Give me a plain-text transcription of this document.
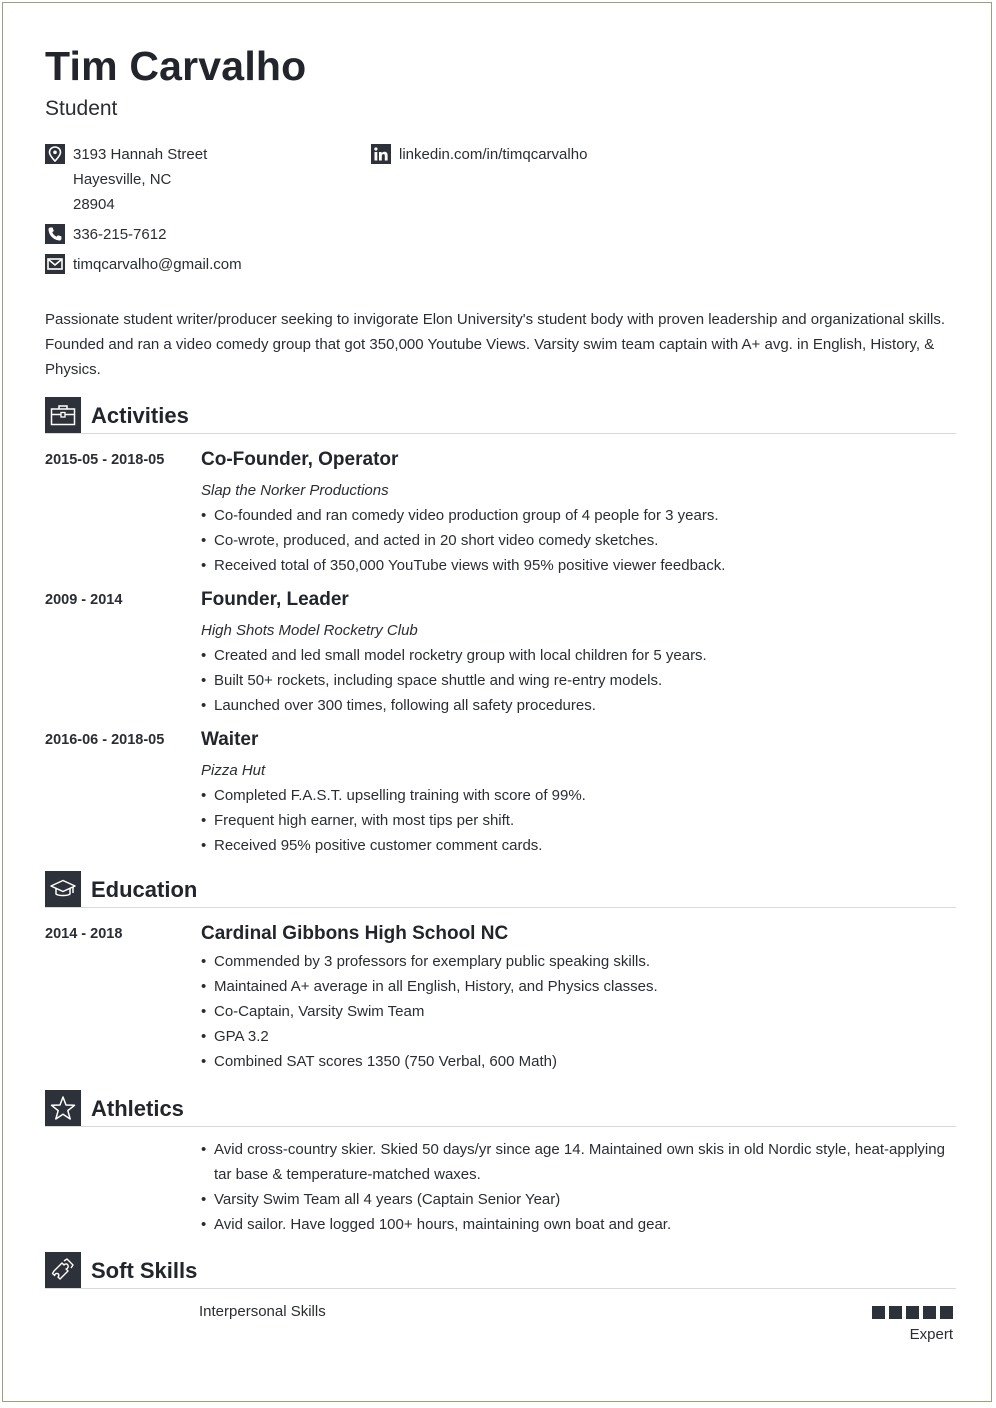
Tim Carvalho
Student
3193 Hannah Street
Hayesville, NC
28904
linkedin.com/in/timqcarvalho
336-215-7612
timqcarvalho@gmail.com
Passionate student writer/producer seeking to invigorate Elon University's student body with proven leadership and organizational skills. Founded and ran a video comedy group that got 350,000 Youtube Views. Varsity swim team captain with A+ avg. in English, History, & Physics.
Activities
2015-05 - 2018-05 Co-Founder, Operator
Slap the Norker Productions
• Co-founded and ran comedy video production group of 4 people for 3 years.
• Co-wrote, produced, and acted in 20 short video comedy sketches.
• Received total of 350,000 YouTube views with 95% positive viewer feedback.
2009 - 2014	Founder, Leader
High Shots Model Rocketry Club
• Created and led small model rocketry group with local children for 5 years.
• Built 50+ rockets, including space shuttle and wing re-entry models.
• Launched over 300 times, following all safety procedures.
2016-06 - 2018-05 Waiter
Pizza Hut
• Completed F.A.S.T. upselling training with score of 99%.
• Frequent high earner, with most tips per shift.
• Received 95% positive customer comment cards.
Education
2014 - 2018	Cardinal Gibbons High School NC
• Commended by 3 professors for exemplary public speaking skills.
• Maintained A+ average in all English, History, and Physics classes.
• Co-Captain, Varsity Swim Team
• GPA 3.2
• Combined SAT scores 1350 (750 Verbal, 600 Math)
Athletics
• Avid cross-country skier. Skied 50 days/yr since age 14. Maintained own skis in old Nordic style, heat-applying tar base & temperature-matched waxes.
• Varsity Swim Team all 4 years (Captain Senior Year)
• Avid sailor. Have logged 100+ hours, maintaining own boat and gear.
Soft Skills
Interpersonal Skills
Expert
